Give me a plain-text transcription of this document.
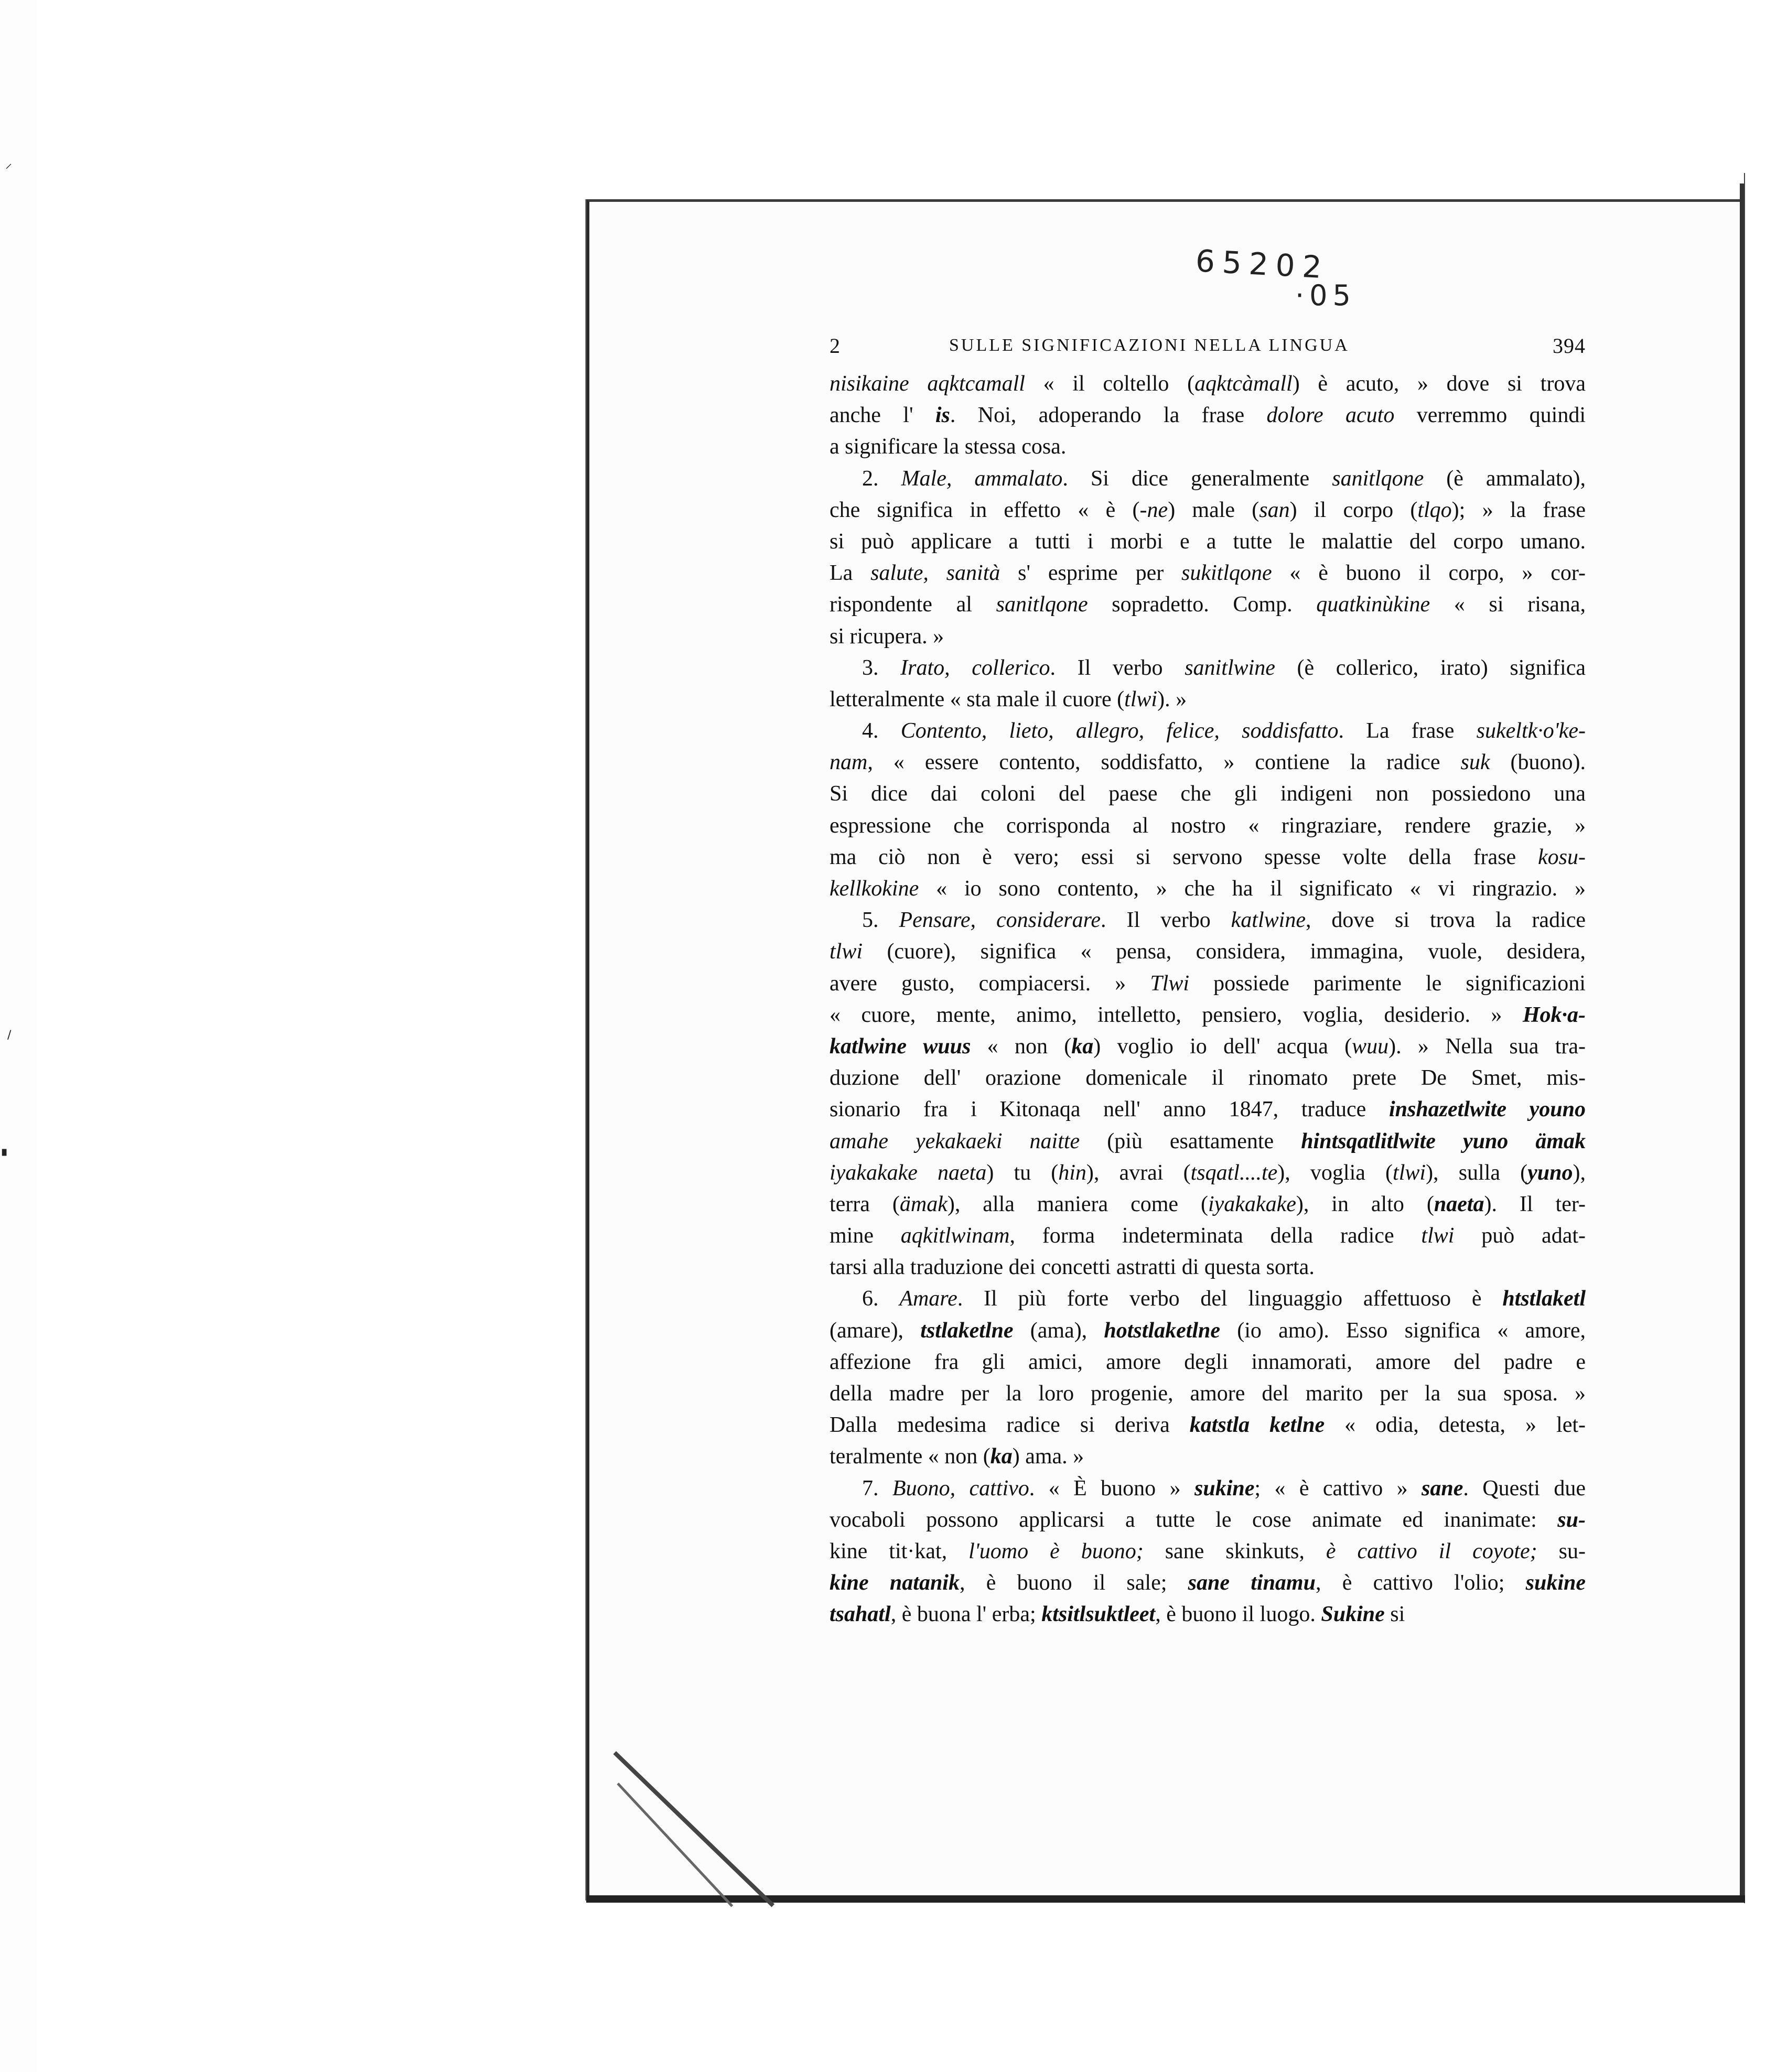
⸝
/
▖
65202
·05
2	SULLE SIGNIFICAZIONI NELLA LINGUA	394
nisikaine aqktcamall « il coltello (aqktcàmall) è acuto, » dove si trova
anche l' is. Noi, adoperando la frase dolore acuto verremmo quindi
a significare la stessa cosa.
2. Male, ammalato. Si dice generalmente sanitlqone (è ammalato),
che significa in effetto « è (-ne) male (san) il corpo (tlqo); » la frase
si può applicare a tutti i morbi e a tutte le malattie del corpo umano.
La salute, sanità s' esprime per sukitlqone « è buono il corpo, » cor-
rispondente al sanitlqone sopradetto. Comp. quatkinùkine « si risana,
si ricupera. »
3. Irato, collerico. Il verbo sanitlwine (è collerico, irato) significa
letteralmente « sta male il cuore (tlwi). »
4. Contento, lieto, allegro, felice, soddisfatto. La frase sukeltk·o'ke-
nam, « essere contento, soddisfatto, » contiene la radice suk (buono).
Si dice dai coloni del paese che gli indigeni non possiedono una
espressione che corrisponda al nostro « ringraziare, rendere grazie, »
ma ciò non è vero; essi si servono spesse volte della frase kosu-
kellkokine « io sono contento, » che ha il significato « vi ringrazio. »
5. Pensare, considerare. Il verbo katlwine, dove si trova la radice
tlwi (cuore), significa « pensa, considera, immagina, vuole, desidera,
avere gusto, compiacersi. » Tlwi possiede parimente le significazioni
« cuore, mente, animo, intelletto, pensiero, voglia, desiderio. » Hok·a-
katlwine wuus « non (ka) voglio io dell' acqua (wuu). » Nella sua tra-
duzione dell' orazione domenicale il rinomato prete De Smet, mis-
sionario fra i Kitonaqa nell' anno 1847, traduce inshazetlwite youno
amahe yekakaeki naitte (più esattamente hintsqatlitlwite yuno ämak
iyakakake naeta) tu (hin), avrai (tsqatl....te), voglia (tlwi), sulla (yuno),
terra (ämak), alla maniera come (iyakakake), in alto (naeta). Il ter-
mine aqkitlwinam, forma indeterminata della radice tlwi può adat-
tarsi alla traduzione dei concetti astratti di questa sorta.
6. Amare. Il più forte verbo del linguaggio affettuoso è htstlaketl
(amare), tstlaketlne (ama), hotstlaketlne (io amo). Esso significa « amore,
affezione fra gli amici, amore degli innamorati, amore del padre e
della madre per la loro progenie, amore del marito per la sua sposa. »
Dalla medesima radice si deriva katstla ketlne « odia, detesta, » let-
teralmente « non (ka) ama. »
7. Buono, cattivo. « È buono » sukine; « è cattivo » sane. Questi due
vocaboli possono applicarsi a tutte le cose animate ed inanimate: su-
kine tit·kat, l'uomo è buono; sane skinkuts, è cattivo il coyote; su-
kine natanik, è buono il sale; sane tinamu, è cattivo l'olio; sukine
tsahatl, è buona l' erba; ktsitlsuktleet, è buono il luogo. Sukine si
